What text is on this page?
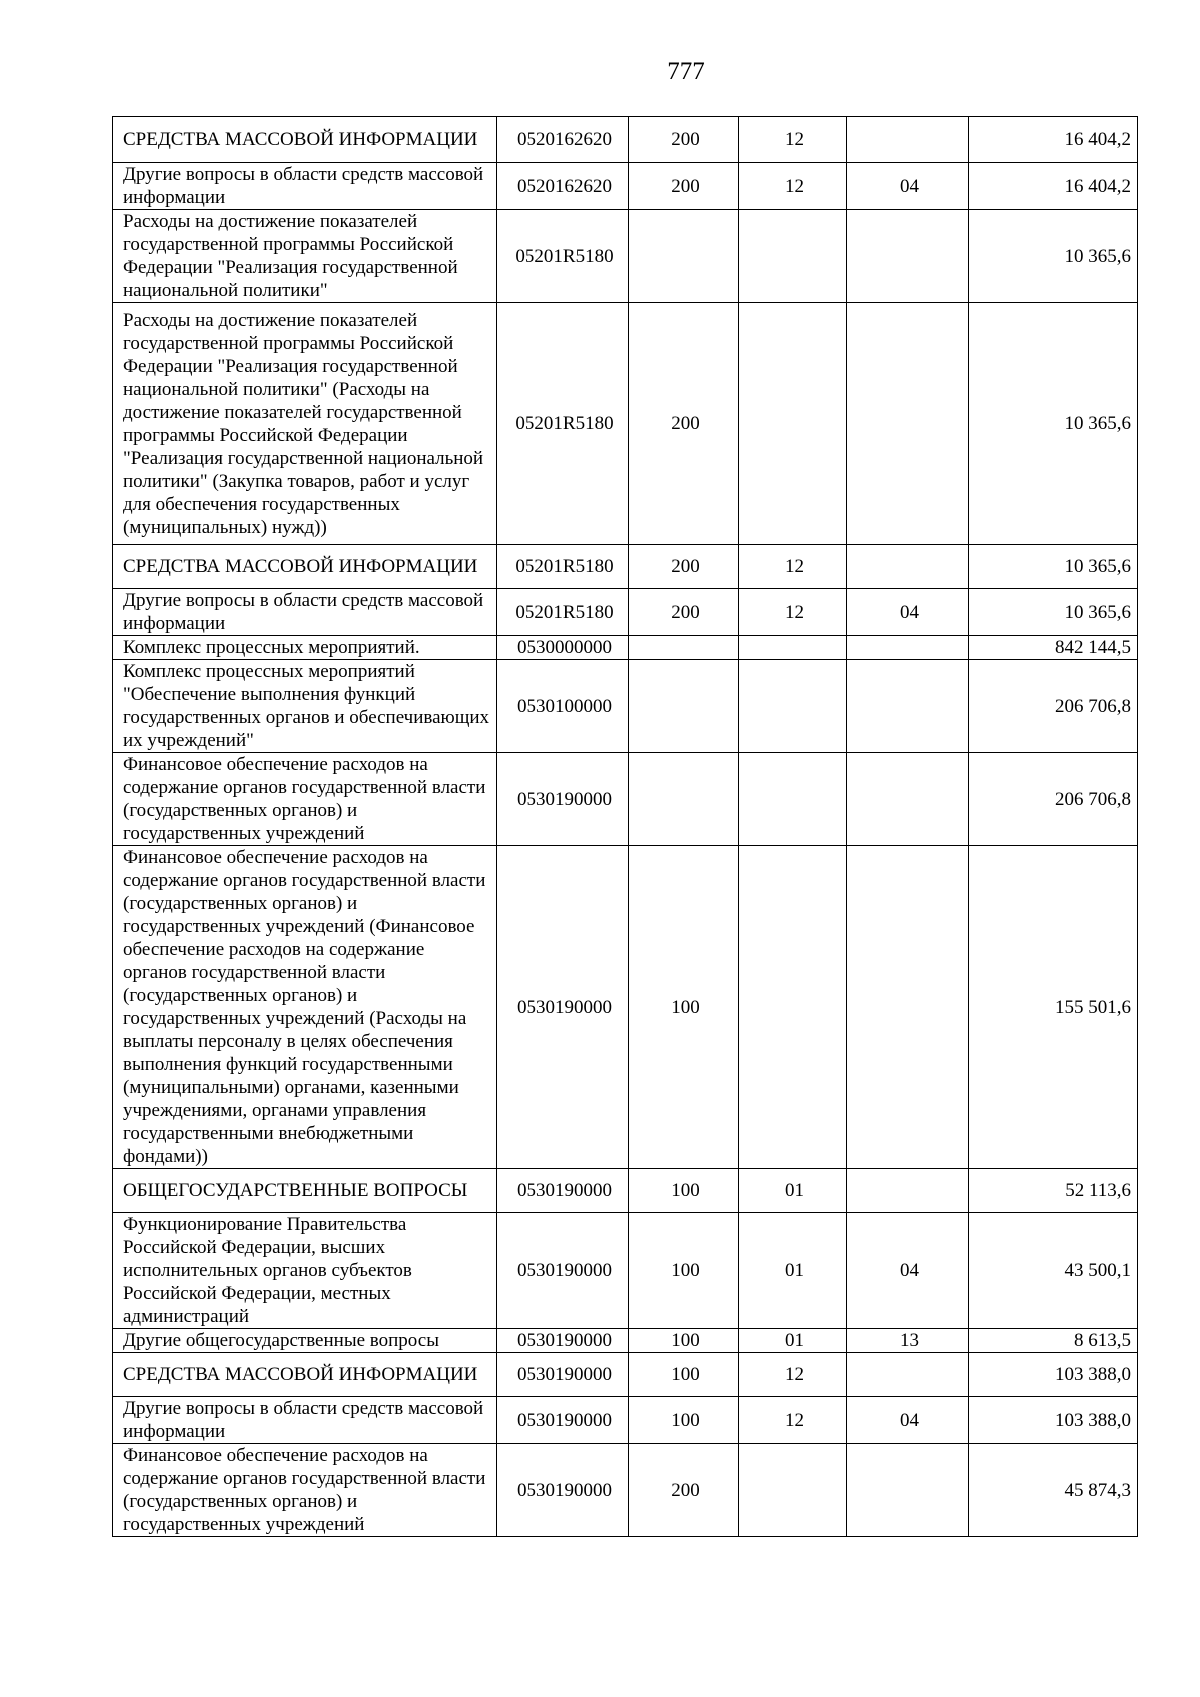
777
СРЕДСТВА МАССОВОЙ ИНФОРМАЦИИ	0520162620	200	12		16 404,2
Другие вопросы в области средств массовой информации	0520162620	200	12	04	16 404,2
Расходы на достижение показателей государственной программы Российской Федерации "Реализация государственной национальной политики"	05201R5180				10 365,6
Расходы на достижение показателей государственной программы Российской Федерации "Реализация государственной национальной политики" (Расходы на достижение показателей государственной программы Российской Федерации "Реализация государственной национальной политики" (Закупка товаров, работ и услуг для обеспечения государственных (муниципальных) нужд))	05201R5180	200			10 365,6
СРЕДСТВА МАССОВОЙ ИНФОРМАЦИИ	05201R5180	200	12		10 365,6
Другие вопросы в области средств массовой информации	05201R5180	200	12	04	10 365,6
Комплекс процессных мероприятий.	0530000000				842 144,5
Комплекс процессных мероприятий "Обеспечение выполнения функций государственных органов и обеспечивающих их учреждений"	0530100000				206 706,8
Финансовое обеспечение расходов на содержание органов государственной власти (государственных органов) и государственных учреждений	0530190000				206 706,8
Финансовое обеспечение расходов на содержание органов государственной власти (государственных органов) и государственных учреждений (Финансовое обеспечение расходов на содержание органов государственной власти (государственных органов) и государственных учреждений (Расходы на выплаты персоналу в целях обеспечения выполнения функций государственными (муниципальными) органами, казенными учреждениями, органами управления государственными внебюджетными фондами))	0530190000	100			155 501,6
ОБЩЕГОСУДАРСТВЕННЫЕ ВОПРОСЫ	0530190000	100	01		52 113,6
Функционирование Правительства Российской Федерации, высших исполнительных органов субъектов Российской Федерации, местных администраций	0530190000	100	01	04	43 500,1
Другие общегосударственные вопросы	0530190000	100	01	13	8 613,5
СРЕДСТВА МАССОВОЙ ИНФОРМАЦИИ	0530190000	100	12		103 388,0
Другие вопросы в области средств массовой информации	0530190000	100	12	04	103 388,0
Финансовое обеспечение расходов на содержание органов государственной власти (государственных органов) и государственных учреждений	0530190000	200			45 874,3
